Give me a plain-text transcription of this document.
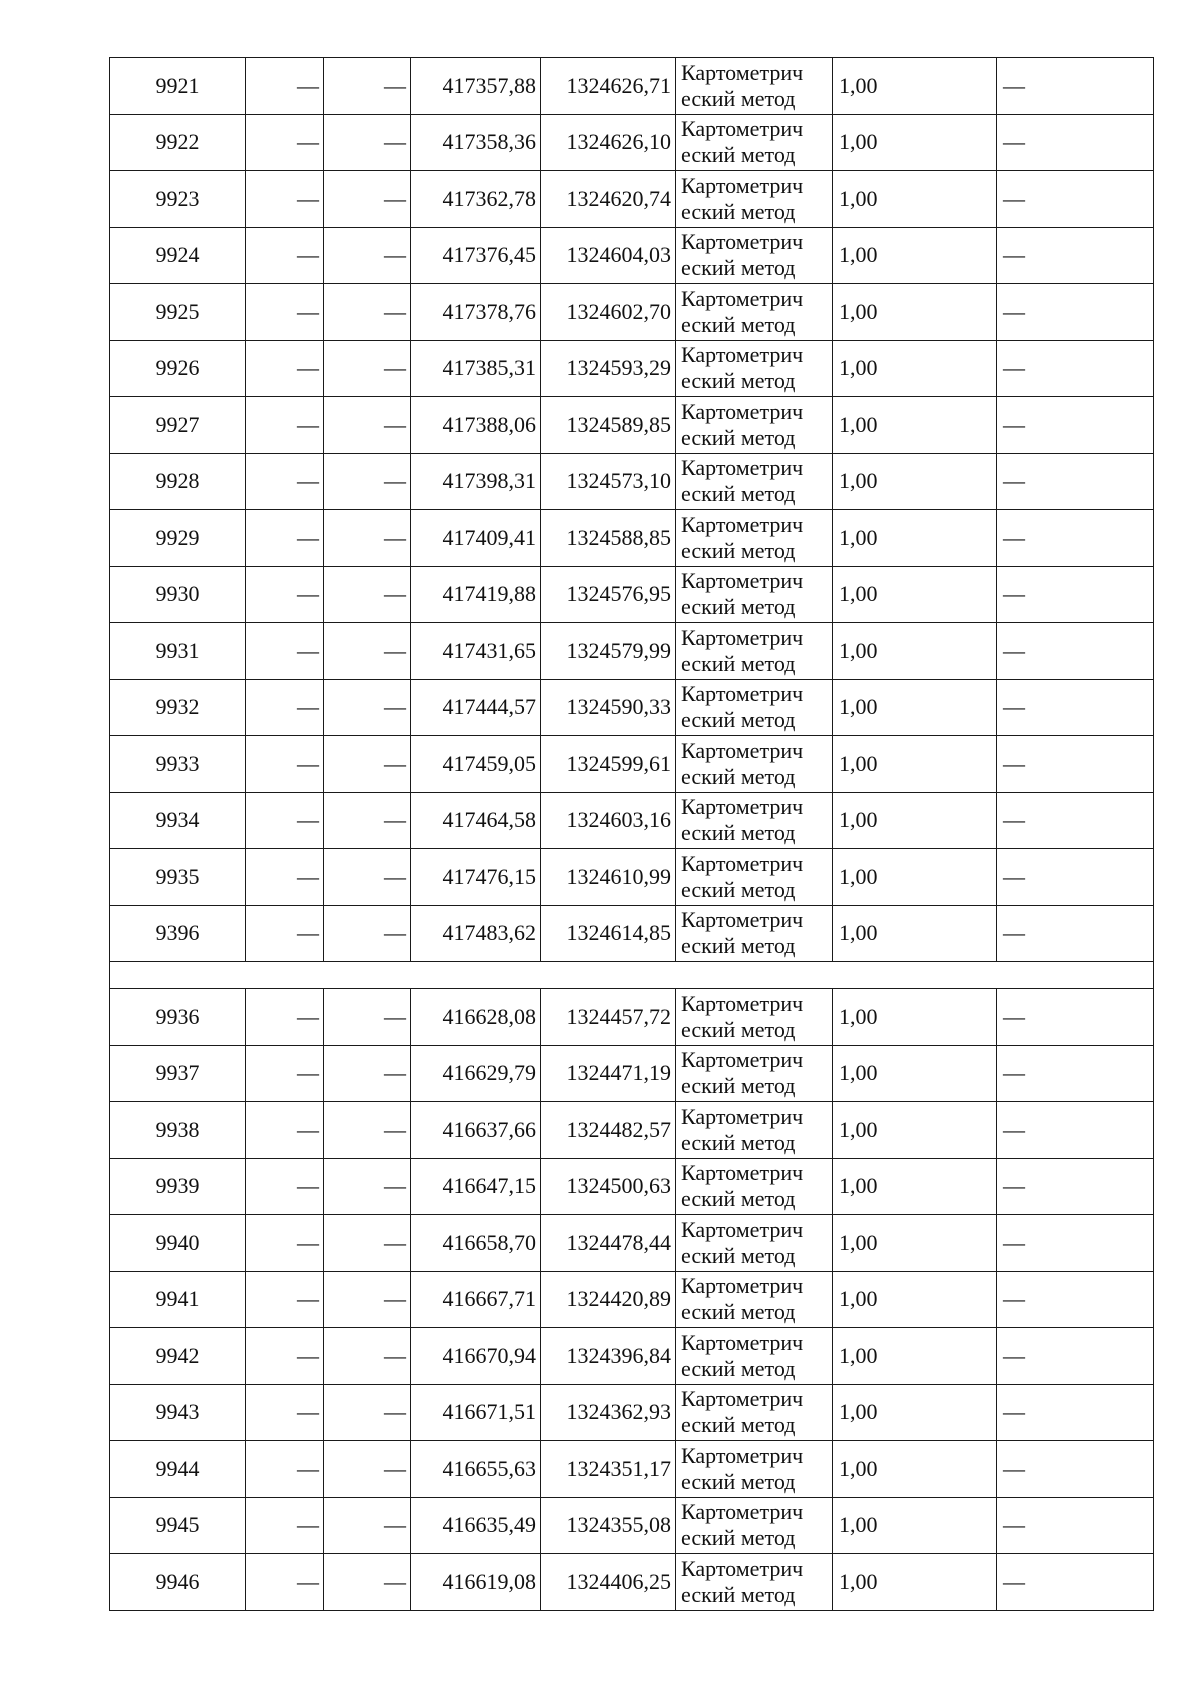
9921	—	—	417357,88	1324626,71	Картометрич
еский метод	1,00	—
9922	—	—	417358,36	1324626,10	Картометрич
еский метод	1,00	—
9923	—	—	417362,78	1324620,74	Картометрич
еский метод	1,00	—
9924	—	—	417376,45	1324604,03	Картометрич
еский метод	1,00	—
9925	—	—	417378,76	1324602,70	Картометрич
еский метод	1,00	—
9926	—	—	417385,31	1324593,29	Картометрич
еский метод	1,00	—
9927	—	—	417388,06	1324589,85	Картометрич
еский метод	1,00	—
9928	—	—	417398,31	1324573,10	Картометрич
еский метод	1,00	—
9929	—	—	417409,41	1324588,85	Картометрич
еский метод	1,00	—
9930	—	—	417419,88	1324576,95	Картометрич
еский метод	1,00	—
9931	—	—	417431,65	1324579,99	Картометрич
еский метод	1,00	—
9932	—	—	417444,57	1324590,33	Картометрич
еский метод	1,00	—
9933	—	—	417459,05	1324599,61	Картометрич
еский метод	1,00	—
9934	—	—	417464,58	1324603,16	Картометрич
еский метод	1,00	—
9935	—	—	417476,15	1324610,99	Картометрич
еский метод	1,00	—
9396	—	—	417483,62	1324614,85	Картометрич
еский метод	1,00	—

9936	—	—	416628,08	1324457,72	Картометрич
еский метод	1,00	—
9937	—	—	416629,79	1324471,19	Картометрич
еский метод	1,00	—
9938	—	—	416637,66	1324482,57	Картометрич
еский метод	1,00	—
9939	—	—	416647,15	1324500,63	Картометрич
еский метод	1,00	—
9940	—	—	416658,70	1324478,44	Картометрич
еский метод	1,00	—
9941	—	—	416667,71	1324420,89	Картометрич
еский метод	1,00	—
9942	—	—	416670,94	1324396,84	Картометрич
еский метод	1,00	—
9943	—	—	416671,51	1324362,93	Картометрич
еский метод	1,00	—
9944	—	—	416655,63	1324351,17	Картометрич
еский метод	1,00	—
9945	—	—	416635,49	1324355,08	Картометрич
еский метод	1,00	—
9946	—	—	416619,08	1324406,25	Картометрич
еский метод	1,00	—
